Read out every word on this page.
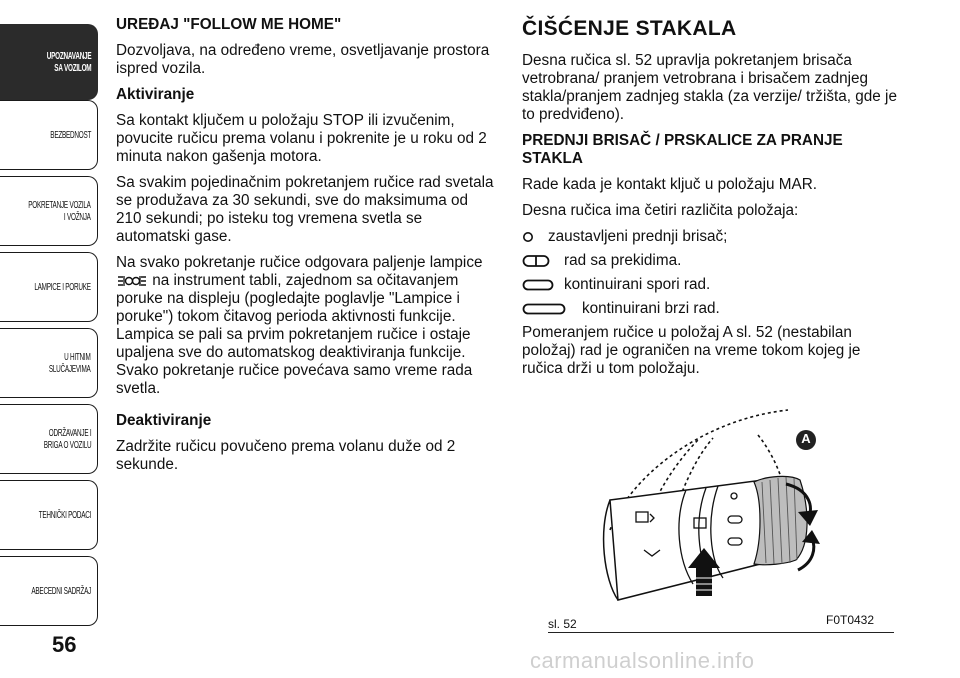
UPOZNAVANJE
SA VOZILOM
BEZBEDNOST
POKRETANJE VOZILA
I VOŽNJA
LAMPICE I PORUKE
U HITNIM
SLUČAJEVIMA
ODRŽAVANJE I
BRIGA O VOZILU
TEHNIČKI PODACI
ABECEDNI SADRŽAJ
56
UREĐAJ "FOLLOW ME HOME"

Dozvoljava, na određeno vreme, osvetljavanje prostora ispred vozila.

Aktiviranje

Sa kontakt ključem u položaju STOP ili izvučenim, povucite ručicu prema volanu i pokrenite je u roku od 2 minuta nakon gašenja motora.

Sa svakim pojedinačnim pokretanjem ručice rad svetala se produžava za 30 sekundi, sve do maksimuma od 210 sekundi; po isteku tog vremena svetla se automatski gase.

Na svako pokretanje ručice odgovara paljenje lampice  na instrument tabli, zajednom sa očitavanjem poruke na displeju (pogledajte poglavlje "Lampice i poruke") tokom čitavog perioda aktivnosti funkcije. Lampica se pali sa prvim pokretanjem ručice i ostaje upaljena sve do automatskog deaktiviranja funkcije. Svako pokretanje ručice povećava samo vreme rada svetla.

Deaktiviranje

Zadržite ručicu povučeno prema volanu duže od 2 sekunde.

ČIŠĆENJE STAKALA

Desna ručica sl. 52 upravlja pokretanjem brisača vetrobrana/ pranjem vetrobrana i brisačem zadnjeg stakla/pranjem zadnjeg stakla (za verzije/ tržišta, gde je to predviđeno).

PREDNJI BRISAČ / PRSKALICE ZA PRANJE STAKLA

Rade kada je kontakt ključ u položaju MAR.

Desna ručica ima četiri različita položaja:

zaustavljeni prednji brisač;
rad sa prekidima.
kontinuirani spori rad.
kontinuirani brzi rad.

Pomeranjem ručice u položaj A sl. 52 (nestabilan položaj) rad je ograničen na vreme tokom kojeg je ručica drži u tom položaju.

A
sl. 52	F0T0432
carmanualsonline.info
